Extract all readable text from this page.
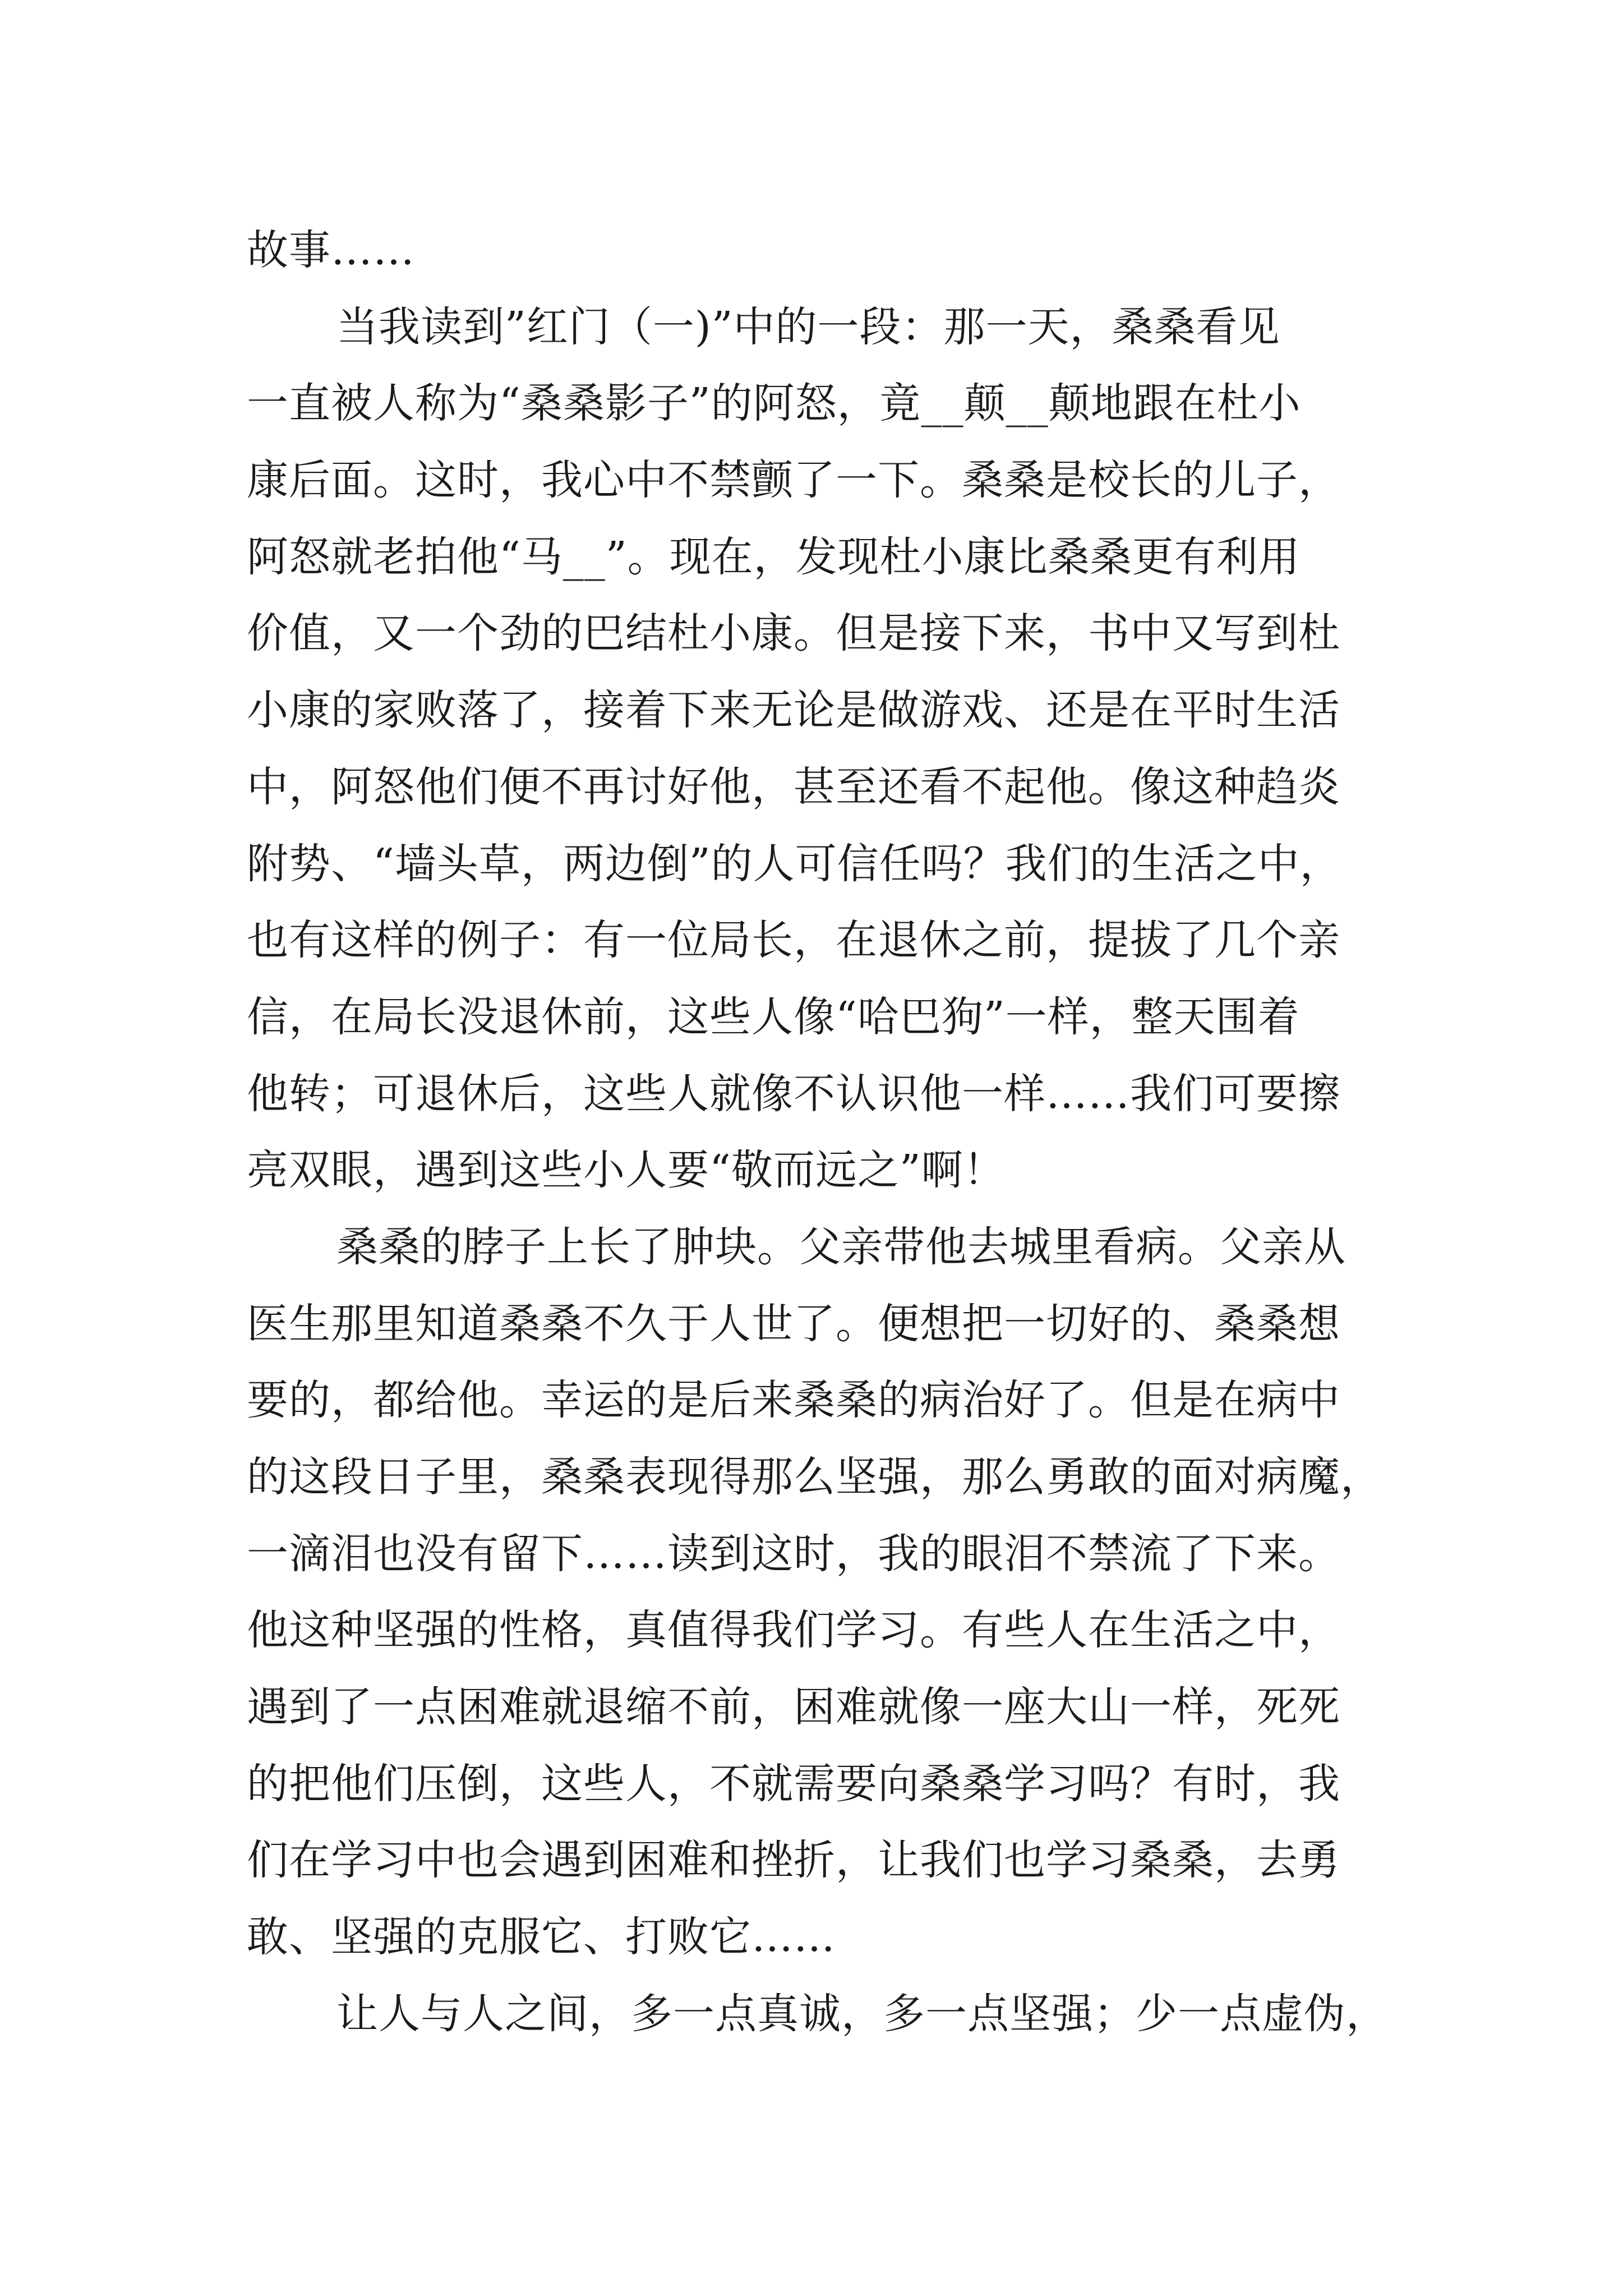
故事……
当我读到”红门（一)”中的一段：那一天，桑桑看见
一直被人称为“桑桑影子”的阿怒，竟__颠__颠地跟在杜小
康后面。这时，我心中不禁颤了一下。桑桑是校长的儿子，
阿怒就老拍他“马__”。现在，发现杜小康比桑桑更有利用
价值，又一个劲的巴结杜小康。但是接下来，书中又写到杜
小康的家败落了，接着下来无论是做游戏、还是在平时生活
中，阿怒他们便不再讨好他，甚至还看不起他。像这种趋炎
附势、“墙头草，两边倒”的人可信任吗？我们的生活之中，
也有这样的例子：有一位局长，在退休之前，提拔了几个亲
信，在局长没退休前，这些人像“哈巴狗”一样，整天围着
他转；可退休后，这些人就像不认识他一样……我们可要擦
亮双眼，遇到这些小人要“敬而远之”啊！
桑桑的脖子上长了肿块。父亲带他去城里看病。父亲从
医生那里知道桑桑不久于人世了。便想把一切好的、桑桑想
要的，都给他。幸运的是后来桑桑的病治好了。但是在病中
的这段日子里，桑桑表现得那么坚强，那么勇敢的面对病魔，
一滴泪也没有留下……读到这时，我的眼泪不禁流了下来。
他这种坚强的性格，真值得我们学习。有些人在生活之中，
遇到了一点困难就退缩不前，困难就像一座大山一样，死死
的把他们压倒，这些人，不就需要向桑桑学习吗？有时，我
们在学习中也会遇到困难和挫折，让我们也学习桑桑，去勇
敢、坚强的克服它、打败它……
让人与人之间，多一点真诚，多一点坚强；少一点虚伪，
